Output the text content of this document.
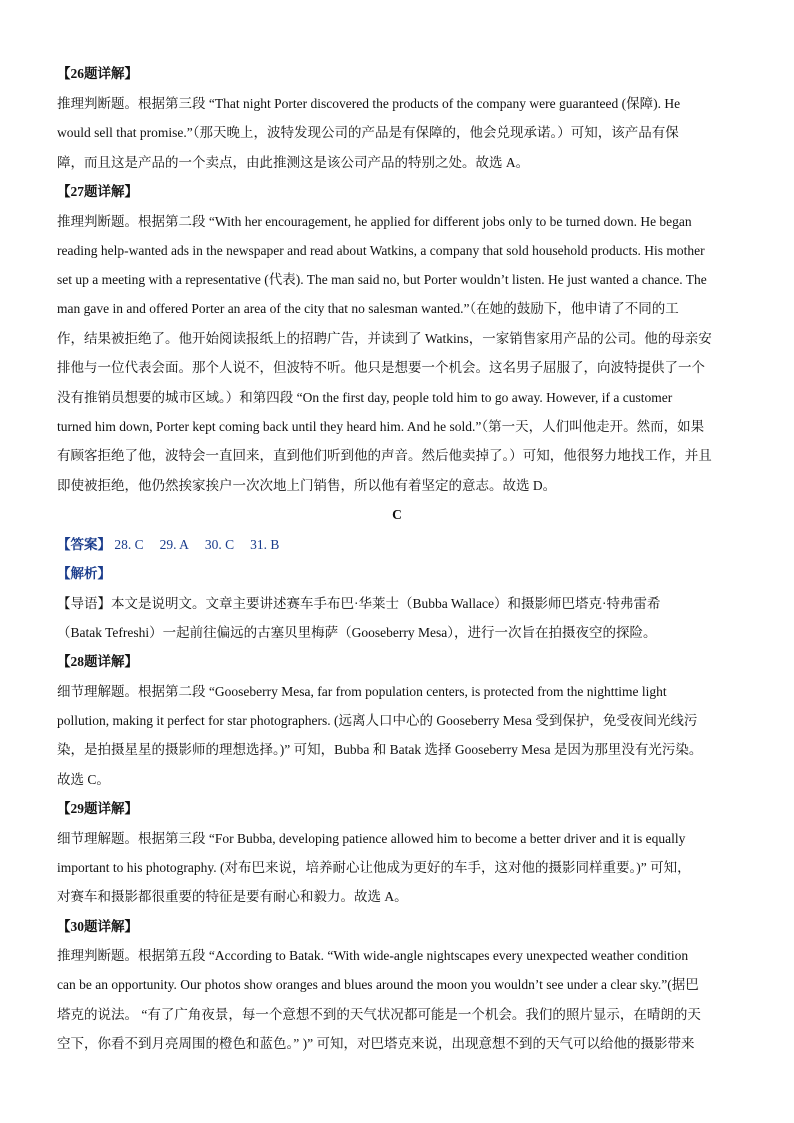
【26题详解】
推理判断题。根据第三段 “That night Porter discovered the products of the company were guaranteed (保障). He
would sell that promise.”（那天晚上，波特发现公司的产品是有保障的，他会兑现承诺。）可知，该产品有保
障，而且这是产品的一个卖点，由此推测这是该公司产品的特别之处。故选 A。
【27题详解】
推理判断题。根据第二段 “With her encouragement, he applied for different jobs only to be turned down. He began
reading help-wanted ads in the newspaper and read about Watkins, a company that sold household products. His mother
set up a meeting with a representative (代表). The man said no, but Porter wouldn’t listen. He just wanted a chance. The
man gave in and offered Porter an area of the city that no salesman wanted.”（在她的鼓励下，他申请了不同的工
作，结果被拒绝了。他开始阅读报纸上的招聘广告，并读到了 Watkins，一家销售家用产品的公司。他的母亲安
排他与一位代表会面。那个人说不，但波特不听。他只是想要一个机会。这名男子屈服了，向波特提供了一个
没有推销员想要的城市区域。）和第四段 “On the first day, people told him to go away. However, if a customer
turned him down, Porter kept coming back until they heard him. And he sold.”（第一天，人们叫他走开。然而，如果
有顾客拒绝了他，波特会一直回来，直到他们听到他的声音。然后他卖掉了。）可知，他很努力地找工作，并且
即使被拒绝，他仍然挨家挨户一次次地上门销售，所以他有着坚定的意志。故选 D。
C
【答案】 28. C 29. A 30. C 31. B
【解析】
【导语】本文是说明文。文章主要讲述赛车手布巴·华莱士（Bubba Wallace）和摄影师巴塔克·特弗雷希
（Batak Tefreshi）一起前往偏远的古塞贝里梅萨（Gooseberry Mesa），进行一次旨在拍摄夜空的探险。
【28题详解】
细节理解题。根据第二段 “Gooseberry Mesa, far from population centers, is protected from the nighttime light
pollution, making it perfect for star photographers. (远离人口中心的 Gooseberry Mesa 受到保护，免受夜间光线污
染，是拍摄星星的摄影师的理想选择。)” 可知，Bubba 和 Batak 选择 Gooseberry Mesa 是因为那里没有光污染。
故选 C。
【29题详解】
细节理解题。根据第三段 “For Bubba, developing patience allowed him to become a better driver and it is equally
important to his photography. (对布巴来说，培养耐心让他成为更好的车手，这对他的摄影同样重要。)” 可知，
对赛车和摄影都很重要的特征是要有耐心和毅力。故选 A。
【30题详解】
推理判断题。根据第五段 “According to Batak. “With wide-angle nightscapes every unexpected weather condition
can be an opportunity. Our photos show oranges and blues around the moon you wouldn’t see under a clear sky.”(据巴
塔克的说法。 “有了广角夜景，每一个意想不到的天气状况都可能是一个机会。我们的照片显示，在晴朗的天
空下，你看不到月亮周围的橙色和蓝色。” )” 可知，对巴塔克来说，出现意想不到的天气可以给他的摄影带来
